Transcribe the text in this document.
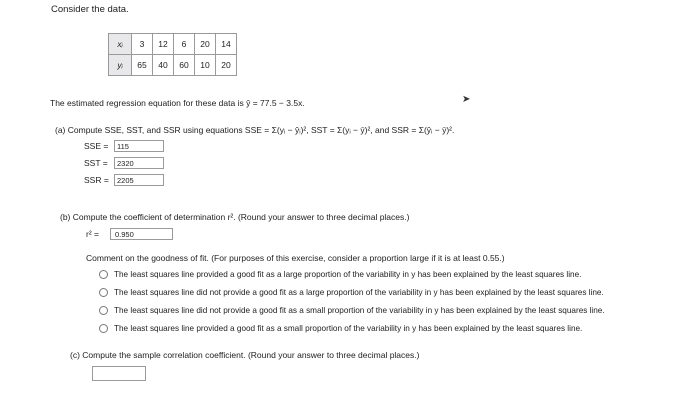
Consider the data.
xᵢ	3	12	6	20	14
yᵢ	65	40	60	10	20
The estimated regression equation for these data is ŷ = 77.5 − 3.5x.	➤
(a) Compute SSE, SST, and SSR using equations SSE = Σ(yᵢ − ŷᵢ)², SST = Σ(yᵢ − ȳ)², and SSR = Σ(ŷᵢ − ȳ)².
SSE =	115
SST =	2320
SSR =	2205
(b) Compute the coefficient of determination r². (Round your answer to three decimal places.)
r² =	0.950
Comment on the goodness of fit. (For purposes of this exercise, consider a proportion large if it is at least 0.55.)
The least squares line provided a good fit as a large proportion of the variability in y has been explained by the least squares line.
The least squares line did not provide a good fit as a large proportion of the variability in y has been explained by the least squares line.
The least squares line did not provide a good fit as a small proportion of the variability in y has been explained by the least squares line.
The least squares line provided a good fit as a small proportion of the variability in y has been explained by the least squares line.
(c) Compute the sample correlation coefficient. (Round your answer to three decimal places.)
